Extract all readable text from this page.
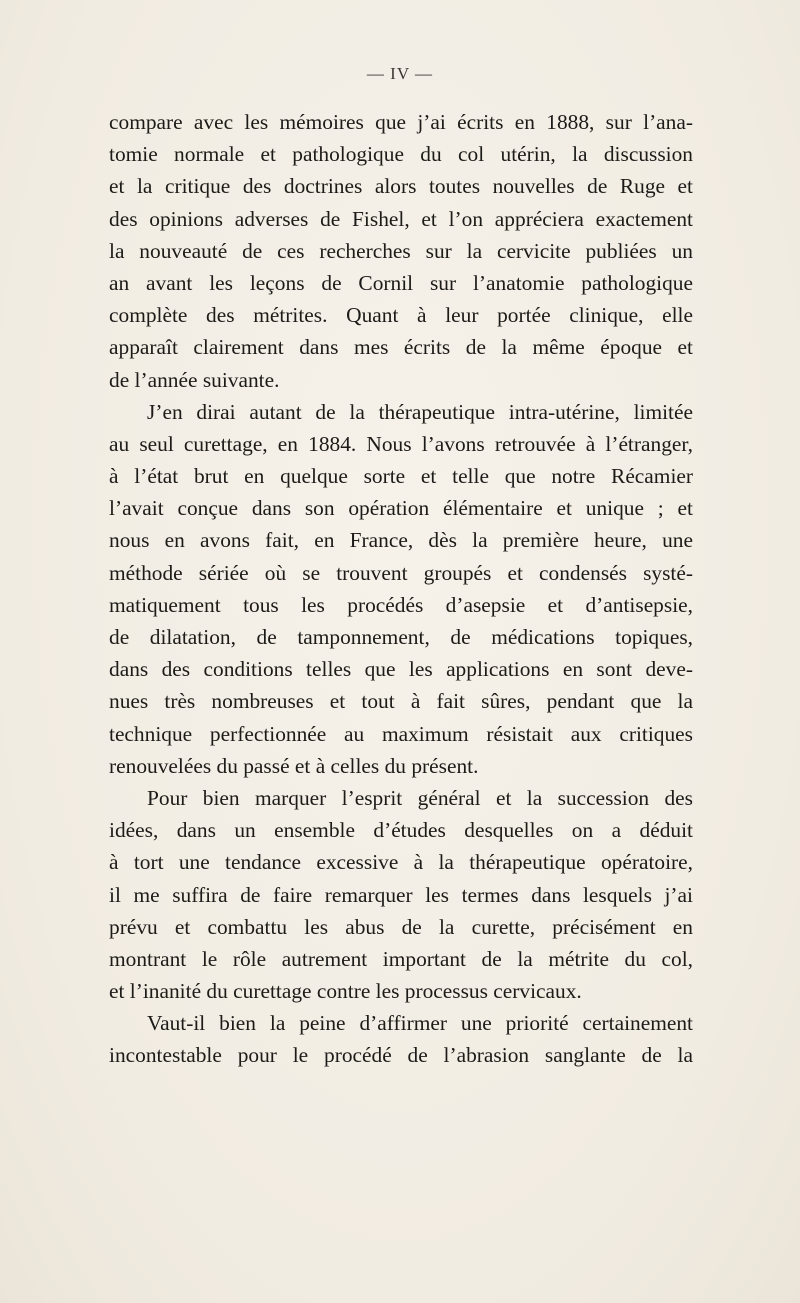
— IV —
compare avec les mémoires que j’ai écrits en 1888, sur l’ana-
tomie normale et pathologique du col utérin, la discussion
et la critique des doctrines alors toutes nouvelles de Ruge et
des opinions adverses de Fishel, et l’on appréciera exactement
la nouveauté de ces recherches sur la cervicite publiées un
an avant les leçons de Cornil sur l’anatomie pathologique
complète des métrites. Quant à leur portée clinique, elle
apparaît clairement dans mes écrits de la même époque et
de l’année suivante.
J’en dirai autant de la thérapeutique intra-utérine, limitée
au seul curettage, en 1884. Nous l’avons retrouvée à l’étranger,
à l’état brut en quelque sorte et telle que notre Récamier
l’avait conçue dans son opération élémentaire et unique ; et
nous en avons fait, en France, dès la première heure, une
méthode sériée où se trouvent groupés et condensés systé-
matiquement tous les procédés d’asepsie et d’antisepsie,
de dilatation, de tamponnement, de médications topiques,
dans des conditions telles que les applications en sont deve-
nues très nombreuses et tout à fait sûres, pendant que la
technique perfectionnée au maximum résistait aux critiques
renouvelées du passé et à celles du présent.
Pour bien marquer l’esprit général et la succession des
idées, dans un ensemble d’études desquelles on a déduit
à tort une tendance excessive à la thérapeutique opératoire,
il me suffira de faire remarquer les termes dans lesquels j’ai
prévu et combattu les abus de la curette, précisément en
montrant le rôle autrement important de la métrite du col,
et l’inanité du curettage contre les processus cervicaux.
Vaut-il bien la peine d’affirmer une priorité certainement
incontestable pour le procédé de l’abrasion sanglante de la
